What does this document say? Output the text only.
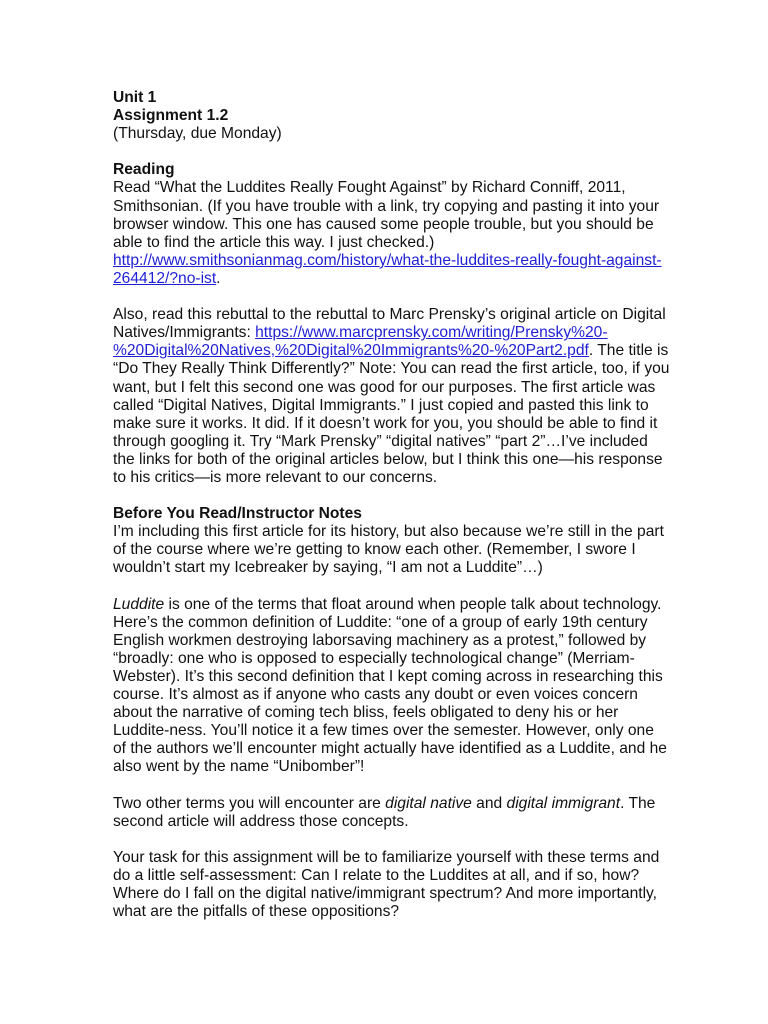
Unit 1
Assignment 1.2
(Thursday, due Monday)
Reading
Read “What the Luddites Really Fought Against” by Richard Conniff, 2011,
Smithsonian. (If you have trouble with a link, try copying and pasting it into your
browser window. This one has caused some people trouble, but you should be
able to find the article this way. I just checked.)
http://www.smithsonianmag.com/history/what-the-luddites-really-fought-against-
264412/?no-ist.
Also, read this rebuttal to the rebuttal to Marc Prensky’s original article on Digital
Natives/Immigrants: https://www.marcprensky.com/writing/Prensky%20-
%20Digital%20Natives,%20Digital%20Immigrants%20-%20Part2.pdf. The title is
“Do They Really Think Differently?” Note: You can read the first article, too, if you
want, but I felt this second one was good for our purposes. The first article was
called “Digital Natives, Digital Immigrants.” I just copied and pasted this link to
make sure it works. It did. If it doesn’t work for you, you should be able to find it
through googling it. Try “Mark Prensky” “digital natives” “part 2”…I’ve included
the links for both of the original articles below, but I think this one—his response
to his critics—is more relevant to our concerns.
Before You Read/Instructor Notes
I’m including this first article for its history, but also because we’re still in the part
of the course where we’re getting to know each other. (Remember, I swore I
wouldn’t start my Icebreaker by saying, “I am not a Luddite”…)
Luddite is one of the terms that float around when people talk about technology.
Here’s the common definition of Luddite: “one of a group of early 19th century
English workmen destroying laborsaving machinery as a protest,” followed by
“broadly: one who is opposed to especially technological change” (Merriam-
Webster). It’s this second definition that I kept coming across in researching this
course. It’s almost as if anyone who casts any doubt or even voices concern
about the narrative of coming tech bliss, feels obligated to deny his or her
Luddite-ness. You’ll notice it a few times over the semester. However, only one
of the authors we’ll encounter might actually have identified as a Luddite, and he
also went by the name “Unibomber”!
Two other terms you will encounter are digital native and digital immigrant. The
second article will address those concepts.
Your task for this assignment will be to familiarize yourself with these terms and
do a little self-assessment: Can I relate to the Luddites at all, and if so, how?
Where do I fall on the digital native/immigrant spectrum? And more importantly,
what are the pitfalls of these oppositions?
